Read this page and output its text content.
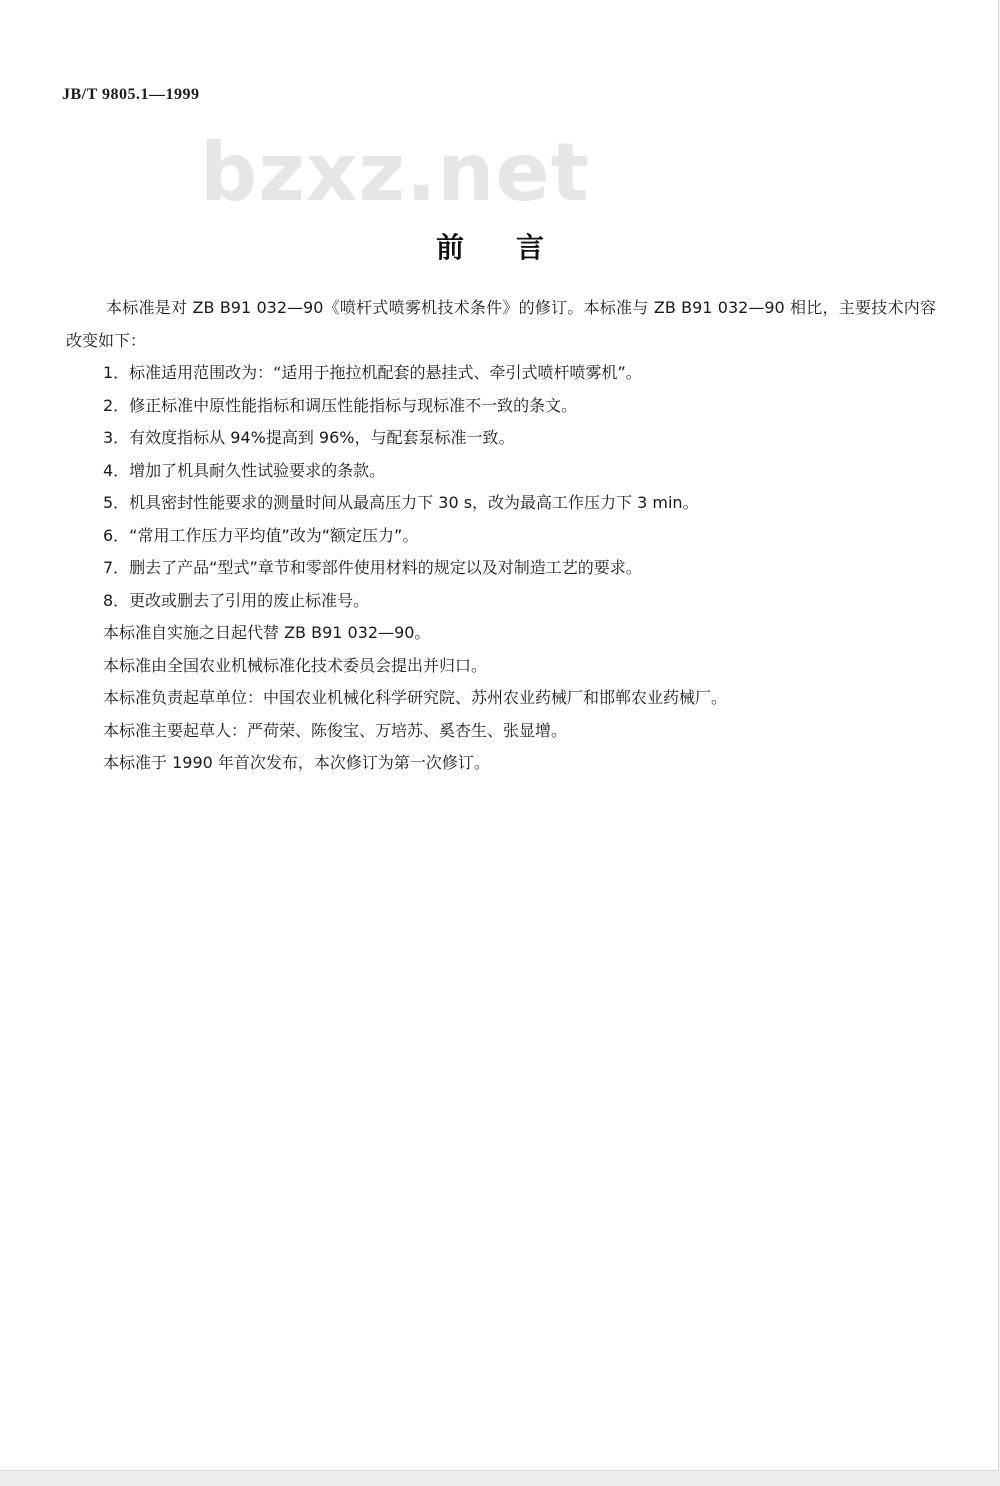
JB/T 9805.1—1999
bzxz.net
前言

本标准是对 ZB B91 032—90《喷杆式喷雾机技术条件》的修订。本标准与 ZB B91 032—90 相比，主要技术内容改变如下：

1．标准适用范围改为：“适用于拖拉机配套的悬挂式、牵引式喷杆喷雾机”。

2．修正标准中原性能指标和调压性能指标与现标准不一致的条文。

3．有效度指标从 94%提高到 96%，与配套泵标准一致。

4．增加了机具耐久性试验要求的条款。

5．机具密封性能要求的测量时间从最高压力下 30 s，改为最高工作压力下 3 min。

6．“常用工作压力平均值”改为“额定压力”。

7．删去了产品“型式”章节和零部件使用材料的规定以及对制造工艺的要求。

8．更改或删去了引用的废止标准号。

本标准自实施之日起代替 ZB B91 032—90。

本标准由全国农业机械标准化技术委员会提出并归口。

本标准负责起草单位：中国农业机械化科学研究院、苏州农业药械厂和邯郸农业药械厂。

本标准主要起草人：严荷荣、陈俊宝、万培苏、奚杏生、张显增。

本标准于 1990 年首次发布，本次修订为第一次修订。
